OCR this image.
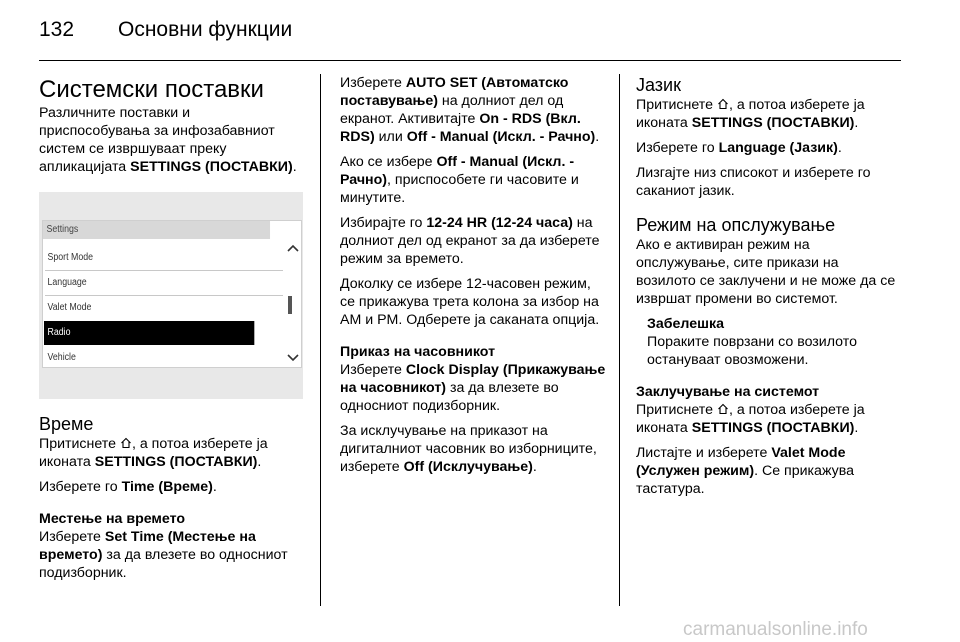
132	Основни функции
Системски поставки

Различните поставки и приспособувања за инфозабавниот систем се извршуваат преку апликацијата SETTINGS (ПОСТАВКИ).

Settings
Sport Mode
Language
Valet Mode
Radio
Vehicle
Време

Притиснете , а потоа изберете ја иконата SETTINGS (ПОСТАВКИ).

Изберете го Time (Време).

Местење на времето

Изберете Set Time (Местење на времето) за да влезете во односниот подизборник.

Изберете AUTO SET (Автоматско поставување) на долниот дел од екранот. Активитајте On - RDS (Вкл. RDS) или Off - Manual (Искл. - Рачно).

Ако се избере Off - Manual (Искл. - Рачно), приспособете ги часовите и минутите.

Избирајте го 12-24 HR (12-24 часа) на долниот дел од екранот за да изберете режим за времето.

Доколку се избере 12-часовен режим, се прикажува трета колона за избор на AM и PM. Одберете ја саканата опција.

Приказ на часовникот

Изберете Clock Display (Прикажување на часовникот) за да влезете во односниот подизборник.

За исклучување на приказот на дигиталниот часовник во изборниците, изберете Off (Исклучување).

Јазик

Притиснете , а потоа изберете ја иконата SETTINGS (ПОСТАВКИ).

Изберете го Language (Јазик).

Лизгајте низ списокот и изберете го саканиот јазик.

Режим на опслужување

Ако е активиран режим на опслужување, сите прикази на возилото се заклучени и не може да се извршат промени во системот.

Забелешка

Пораките поврзани со возилото остануваат овозможени.

Заклучување на системот

Притиснете , а потоа изберете ја иконата SETTINGS (ПОСТАВКИ).

Листајте и изберете Valet Mode (Услужен режим). Се прикажува тастатура.

carmanualsonline.info
